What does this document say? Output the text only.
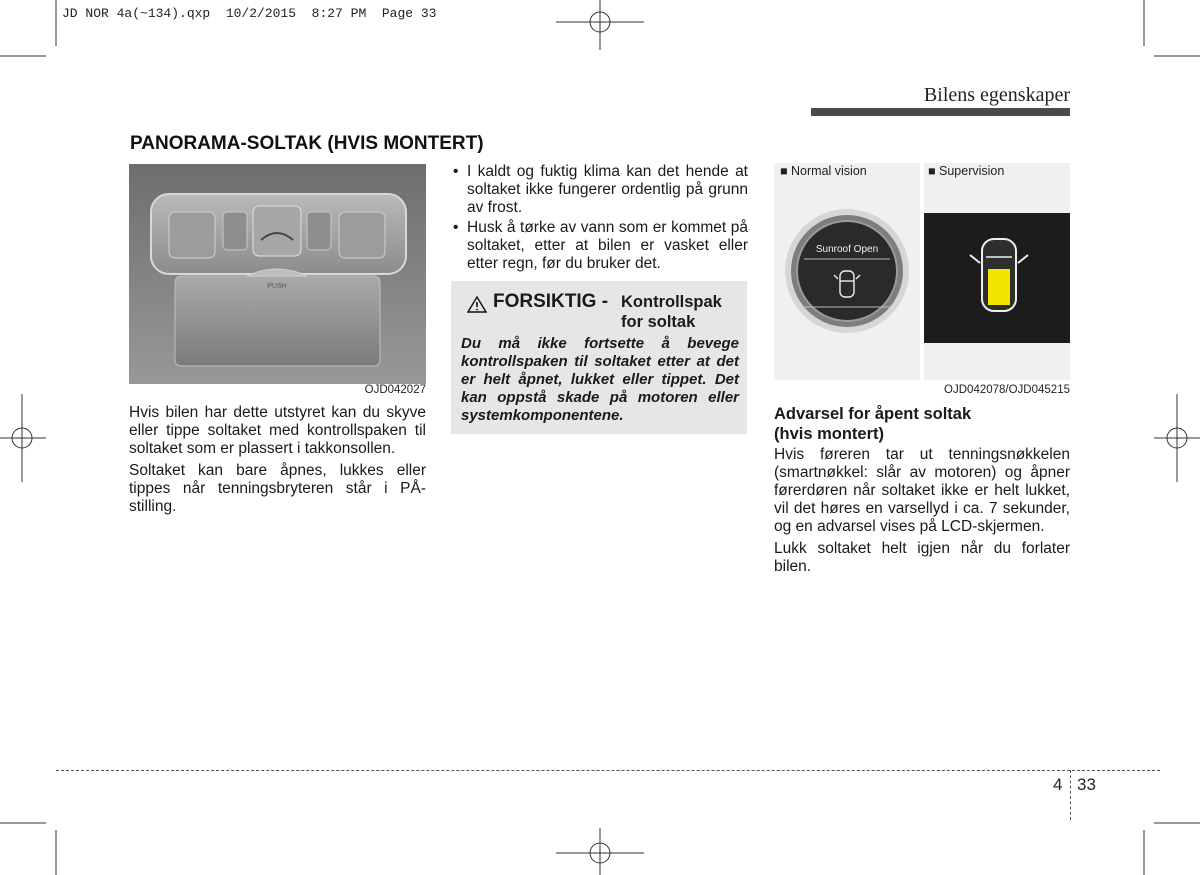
JD NOR 4a(~134).qxp  10/2/2015  8:27 PM  Page 33
Bilens egenskaper
PANORAMA-SOLTAK (HVIS MONTERT)
PUSH
OJD042027

Hvis bilen har dette utstyret kan du skyve eller tippe soltaket med kontrollspaken til soltaket som er plassert i takkonsollen.

Soltaket kan bare åpnes, lukkes eller tippes når tenningsbryteren står i PÅ-stilling.

• I kaldt og fuktig klima kan det hende at soltaket ikke fungerer ordentlig på grunn av frost.
• Husk å tørke av vann som er kommet på soltaket, etter at bilen er vasket eller etter regn, før du bruker det.
FORSIKTIG - Kontrollspak
for soltak
Du må ikke fortsette å bevege kontrollspaken til soltaket etter at det er helt åpnet, lukket eller tippet. Det kan oppstå skade på motoren eller systemkomponentene.
■ Normal vision
Sunroof Open
■ Supervision
OJD042078/OJD045215
Advarsel for åpent soltak
(hvis montert)

Hvis føreren tar ut tenningsnøkkelen (smartnøkkel: slår av motoren) og åpner førerdøren når soltaket ikke er helt lukket, vil det høres en varsellyd i ca. 7 sekunder, og en advarsel vises på LCD-skjermen.

Lukk soltaket helt igjen når du forlater bilen.

4 33
